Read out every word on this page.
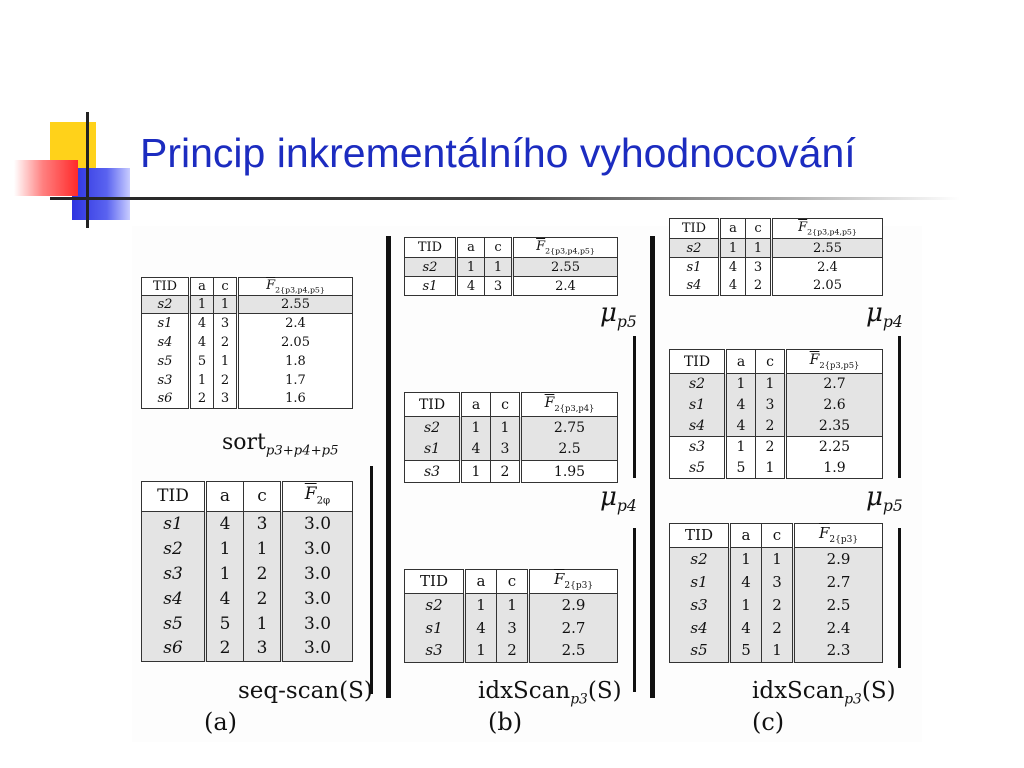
Princip inkrementálního vyhodnocování
TID	a	c	$\overline{F}_{2\{p3,p4,p5\}}$
s2	1	1	2.55
s1	4	3	2.4
s4	4	2	2.05
s5	5	1	1.8
s3	1	2	1.7
s6	2	3	1.6
sort$_{p3+p4+p5}$
TID	a	c	$\overline{F}_{2\varphi}$
s1	4	3	3.0
s2	1	1	3.0
s3	1	2	3.0
s4	4	2	3.0
s5	5	1	3.0
s6	2	3	3.0
seq-scan(S)
(a)
TID	a	c	$\overline{F}_{2\{p3,p4,p5\}}$
s2	1	1	2.55
s1	4	3	2.4
$\mu_{p5}$
TID	a	c	$\overline{F}_{2\{p3,p4\}}$
s2	1	1	2.75
s1	4	3	2.5
s3	1	2	1.95
$\mu_{p4}$
TID	a	c	$\overline{F}_{2\{p3\}}$
s2	1	1	2.9
s1	4	3	2.7
s3	1	2	2.5
idxScan$_{p3}$(S)
(b)
TID	a	c	$\overline{F}_{2\{p3,p4,p5\}}$
s2	1	1	2.55
s1	4	3	2.4
s4	4	2	2.05
$\mu_{p4}$
TID	a	c	$\overline{F}_{2\{p3,p5\}}$
s2	1	1	2.7
s1	4	3	2.6
s4	4	2	2.35
s3	1	2	2.25
s5	5	1	1.9
$\mu_{p5}$
TID	a	c	$\overline{F}_{2\{p3\}}$
s2	1	1	2.9
s1	4	3	2.7
s3	1	2	2.5
s4	4	2	2.4
s5	5	1	2.3
idxScan$_{p3}$(S)
(c)
